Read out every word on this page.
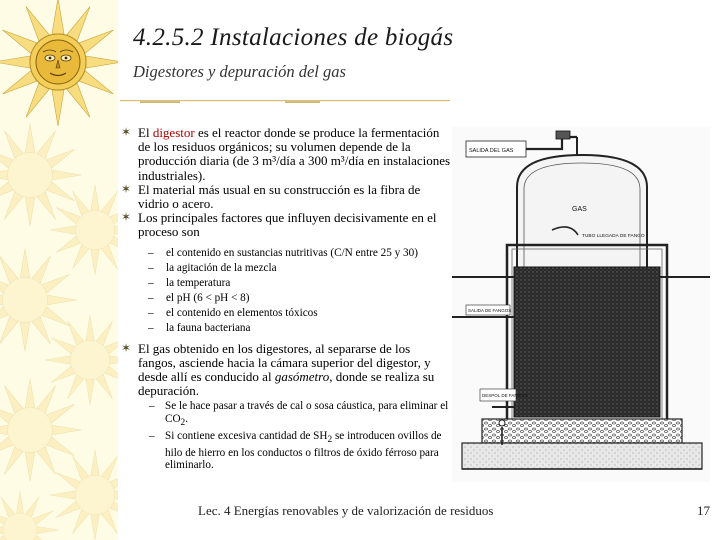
4.2.5.2 Instalaciones de biogás
Digestores y depuración del gas

✶ El digestor es el reactor donde se produce la fermentación de los residuos orgánicos; su volumen depende de la producción diaria (de 3 m³/día a 300 m³/día en instalaciones industriales).

✶ El material más usual en su construcción es la fibra de vidrio o acero.

✶ Los principales factores que influyen decisivamente en el proceso son

– el contenido en sustancias nutritivas (C/N entre 25 y 30)
– la agitación de la mezcla
– la temperatura
– el pH (6 < pH < 8)
– el contenido en elementos tóxicos
– la fauna bacteriana

✶ El gas obtenido en los digestores, al separarse de los fangos, asciende hacia la cámara superior del digestor, y desde allí es conducido al gasómetro, donde se realiza su depuración.

– Se le hace pasar a través de cal o sosa cáustica, para eliminar el $CO_2$.
– Si contiene excesiva cantidad de $SH_2$ se introducen ovillos de hilo de hierro en los conductos o filtros de óxido férroso para eliminarlo.
SALIDA DEL GAS
GAS
TUBO LLEGADA DE FANGO
SALIDA DE FANGOS
DESPOL DE FANGOS
Lec. 4 Energías renovables y de valorización de residuos	17
